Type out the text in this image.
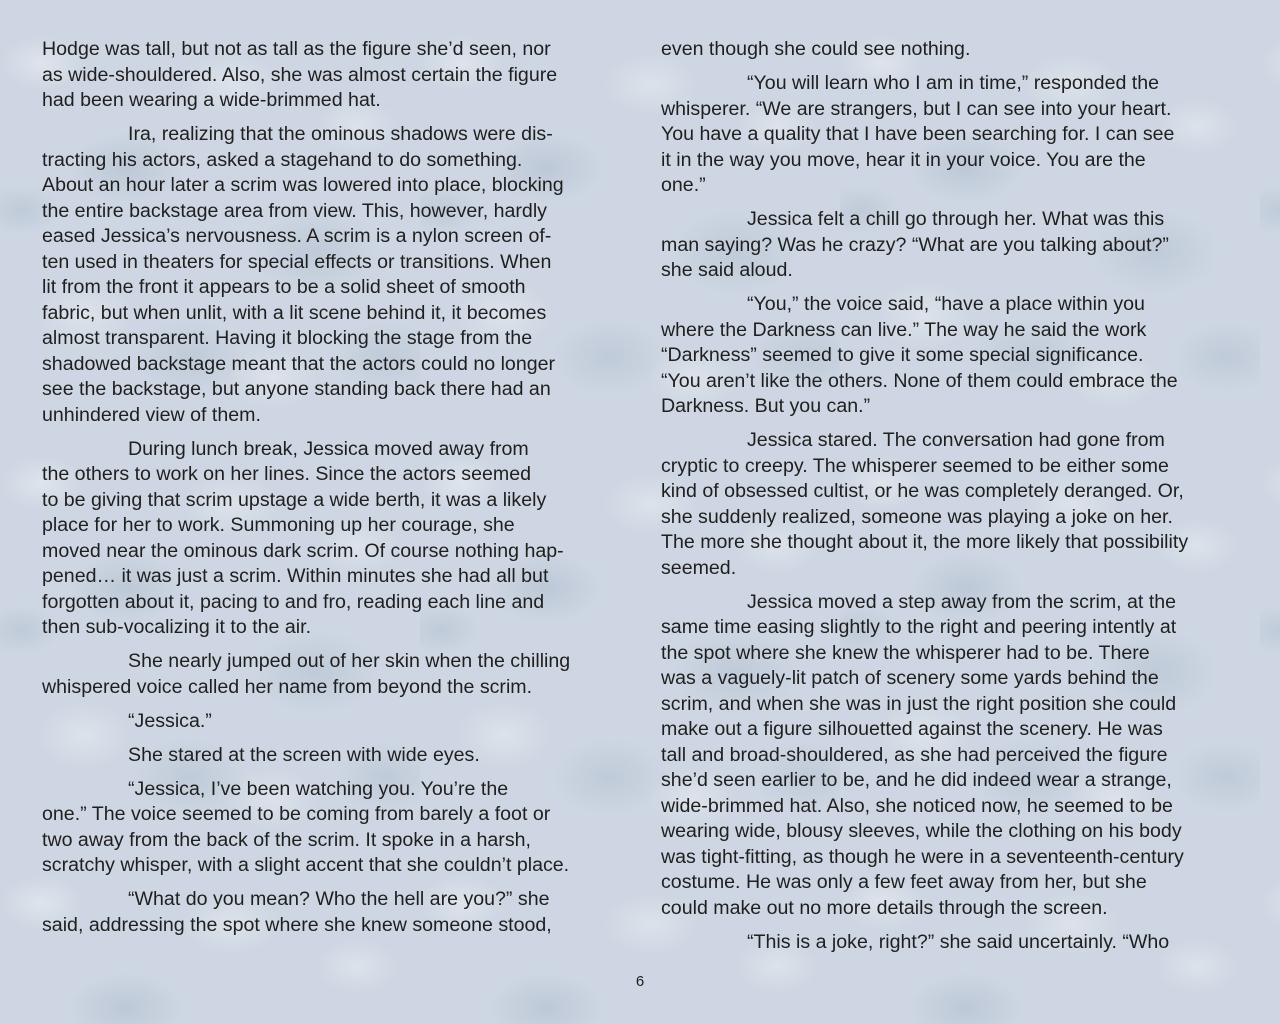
Hodge was tall, but not as tall as the figure she’d seen, nor
as wide-shouldered. Also, she was almost certain the figure
had been wearing a wide-brimmed hat.

Ira, realizing that the ominous shadows were dis-
tracting his actors, asked a stagehand to do something.
About an hour later a scrim was lowered into place, blocking
the entire backstage area from view. This, however, hardly
eased Jessica’s nervousness. A scrim is a nylon screen of-
ten used in theaters for special effects or transitions. When
lit from the front it appears to be a solid sheet of smooth
fabric, but when unlit, with a lit scene behind it, it becomes
almost transparent. Having it blocking the stage from the
shadowed backstage meant that the actors could no longer
see the backstage, but anyone standing back there had an
unhindered view of them.

During lunch break, Jessica moved away from
the others to work on her lines. Since the actors seemed
to be giving that scrim upstage a wide berth, it was a likely
place for her to work. Summoning up her courage, she
moved near the ominous dark scrim. Of course nothing hap-
pened… it was just a scrim. Within minutes she had all but
forgotten about it, pacing to and fro, reading each line and
then sub-vocalizing it to the air.

She nearly jumped out of her skin when the chilling
whispered voice called her name from beyond the scrim.

“Jessica.”

She stared at the screen with wide eyes.

“Jessica, I’ve been watching you. You’re the
one.” The voice seemed to be coming from barely a foot or
two away from the back of the scrim. It spoke in a harsh,
scratchy whisper, with a slight accent that she couldn’t place.

“What do you mean? Who the hell are you?” she
said, addressing the spot where she knew someone stood,

even though she could see nothing.

“You will learn who I am in time,” responded the
whisperer. “We are strangers, but I can see into your heart.
You have a quality that I have been searching for. I can see
it in the way you move, hear it in your voice. You are the
one.”

Jessica felt a chill go through her. What was this
man saying? Was he crazy? “What are you talking about?”
she said aloud.

“You,” the voice said, “have a place within you
where the Darkness can live.” The way he said the work
“Darkness” seemed to give it some special significance.
“You aren’t like the others. None of them could embrace the
Darkness. But you can.”

Jessica stared. The conversation had gone from
cryptic to creepy. The whisperer seemed to be either some
kind of obsessed cultist, or he was completely deranged. Or,
she suddenly realized, someone was playing a joke on her.
The more she thought about it, the more likely that possibility
seemed.

Jessica moved a step away from the scrim, at the
same time easing slightly to the right and peering intently at
the spot where she knew the whisperer had to be. There
was a vaguely-lit patch of scenery some yards behind the
scrim, and when she was in just the right position she could
make out a figure silhouetted against the scenery. He was
tall and broad-shouldered, as she had perceived the figure
she’d seen earlier to be, and he did indeed wear a strange,
wide-brimmed hat. Also, she noticed now, he seemed to be
wearing wide, blousy sleeves, while the clothing on his body
was tight-fitting, as though he were in a seventeenth-century
costume. He was only a few feet away from her, but she
could make out no more details through the screen.

“This is a joke, right?” she said uncertainly. “Who

6
